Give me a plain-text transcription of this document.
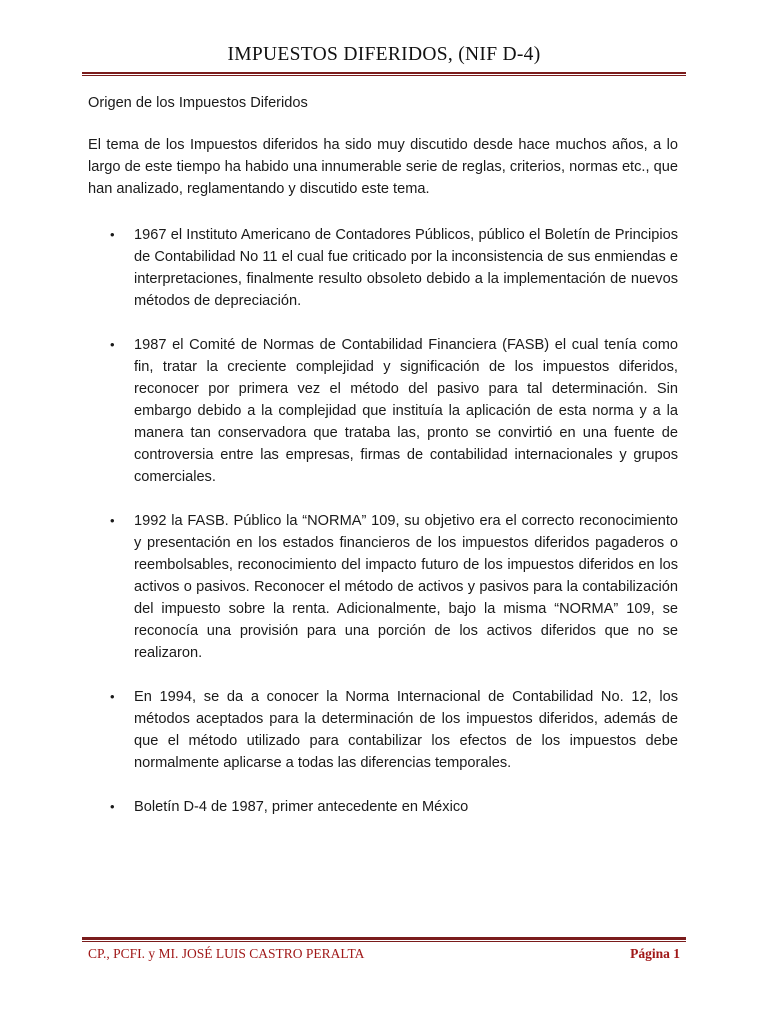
IMPUESTOS DIFERIDOS, (NIF D-4)

Origen de los Impuestos Diferidos

El tema de los Impuestos diferidos ha sido muy discutido desde hace muchos años, a lo largo de este tiempo ha habido una innumerable serie de reglas, criterios, normas etc., que han analizado, reglamentando y discutido este tema.

• 1967 el Instituto Americano de Contadores Públicos, público el Boletín de Principios de Contabilidad No 11 el cual fue criticado por la inconsistencia de sus enmiendas e interpretaciones, finalmente resulto obsoleto debido a la implementación de nuevos métodos de depreciación.
• 1987 el Comité de Normas de Contabilidad Financiera (FASB) el cual tenía como fin, tratar la creciente complejidad y significación de los impuestos diferidos, reconocer por primera vez el método del pasivo para tal determinación. Sin embargo debido a la complejidad que instituía la aplicación de esta norma y a la manera tan conservadora que trataba las, pronto se convirtió en una fuente de controversia entre las empresas, firmas de contabilidad internacionales y grupos comerciales.
• 1992 la FASB. Público la “NORMA” 109, su objetivo era el correcto reconocimiento y presentación en los estados financieros de los impuestos diferidos pagaderos o reembolsables, reconocimiento del impacto futuro de los impuestos diferidos en los activos o pasivos. Reconocer el método de activos y pasivos para la contabilización del impuesto sobre la renta. Adicionalmente, bajo la misma “NORMA” 109, se reconocía una provisión para una porción de los activos diferidos que no se realizaron.
• En 1994, se da a conocer la Norma Internacional de Contabilidad No. 12, los métodos aceptados para la determinación de los impuestos diferidos, además de que el método utilizado para contabilizar los efectos de los impuestos debe normalmente aplicarse a todas las diferencias temporales.
• Boletín D-4 de 1987, primer antecedente en México
CP., PCFI. y MI. JOSÉ LUIS CASTRO PERALTA	Página 1
